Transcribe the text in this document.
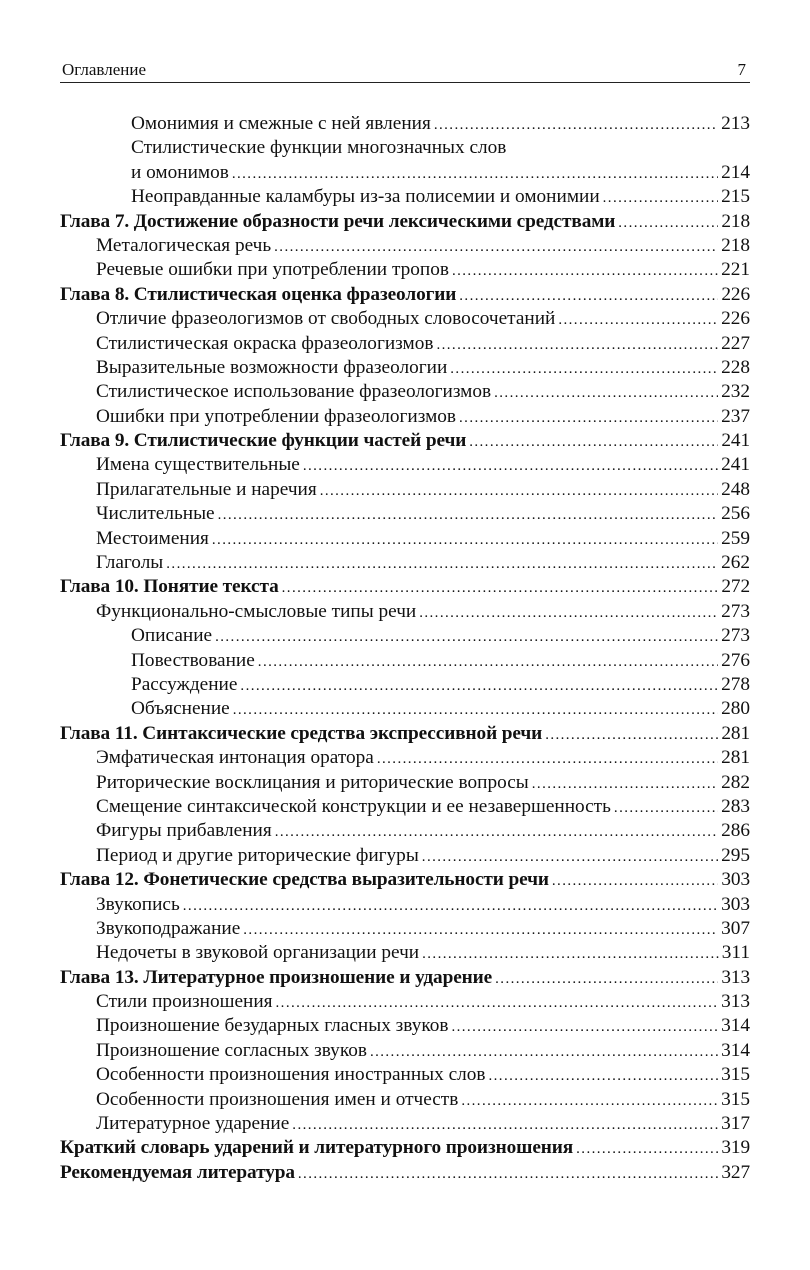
Оглавление	7
Омонимия и смежные с ней явления .....	213
Стилистические функции многозначных слов
и омонимов .....	214
Неоправданные каламбуры из-за полисемии и омонимии .....	215
Глава 7. Достижение образности речи лексическими средствами .....	218
Металогическая речь .....	218
Речевые ошибки при употреблении тропов .....	221
Глава 8. Стилистическая оценка фразеологии .....	226
Отличие фразеологизмов от свободных словосочетаний .....	226
Стилистическая окраска фразеологизмов .....	227
Выразительные возможности фразеологии .....	228
Стилистическое использование фразеологизмов .....	232
Ошибки при употреблении фразеологизмов .....	237
Глава 9. Стилистические функции частей речи .....	241
Имена существительные .....	241
Прилагательные и наречия .....	248
Числительные .....	256
Местоимения .....	259
Глаголы .....	262
Глава 10. Понятие текста .....	272
Функционально-смысловые типы речи .....	273
Описание .....	273
Повествование .....	276
Рассуждение .....	278
Объяснение .....	280
Глава 11. Синтаксические средства экспрессивной речи .....	281
Эмфатическая интонация оратора .....	281
Риторические восклицания и риторические вопросы .....	282
Смещение синтаксической конструкции и ее незавершенность .....	283
Фигуры прибавления .....	286
Период и другие риторические фигуры .....	295
Глава 12. Фонетические средства выразительности речи .....	303
Звукопись .....	303
Звукоподражание .....	307
Недочеты в звуковой организации речи .....	311
Глава 13. Литературное произношение и ударение .....	313
Стили произношения .....	313
Произношение безударных гласных звуков .....	314
Произношение согласных звуков .....	314
Особенности произношения иностранных слов .....	315
Особенности произношения имен и отчеств .....	315
Литературное ударение .....	317
Краткий словарь ударений и литературного произношения .....	319
Рекомендуемая литература .....	327
